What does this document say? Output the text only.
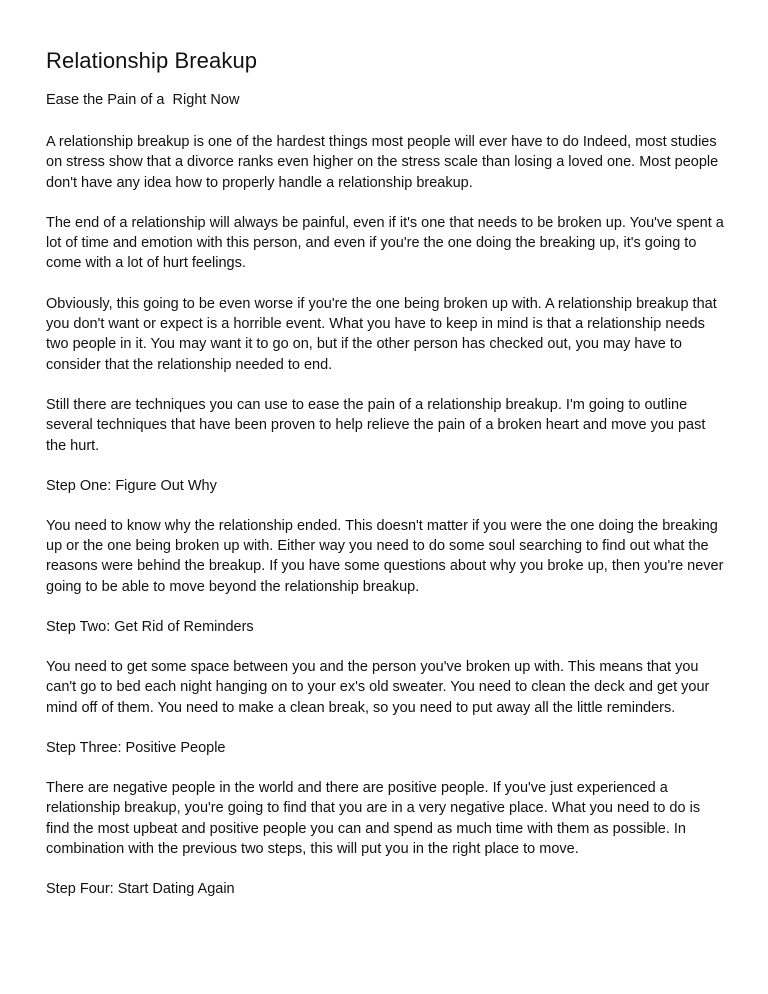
Relationship Breakup
Ease the Pain of a  Right Now

A relationship breakup is one of the hardest things most people will ever have to do Indeed, most studies on stress show that a divorce ranks even higher on the stress scale than losing a loved one. Most people don't have any idea how to properly handle a relationship breakup.

The end of a relationship will always be painful, even if it's one that needs to be broken up. You've spent a lot of time and emotion with this person, and even if you're the one doing the breaking up, it's going to come with a lot of hurt feelings.

Obviously, this going to be even worse if you're the one being broken up with. A relationship breakup that you don't want or expect is a horrible event. What you have to keep in mind is that a relationship needs two people in it. You may want it to go on, but if the other person has checked out, you may have to consider that the relationship needed to end.

Still there are techniques you can use to ease the pain of a relationship breakup. I'm going to outline several techniques that have been proven to help relieve the pain of a broken heart and move you past the hurt.

Step One: Figure Out Why

You need to know why the relationship ended. This doesn't matter if you were the one doing the breaking up or the one being broken up with. Either way you need to do some soul searching to find out what the reasons were behind the breakup. If you have some questions about why you broke up, then you're never going to be able to move beyond the relationship breakup.

Step Two: Get Rid of Reminders

You need to get some space between you and the person you've broken up with. This means that you can't go to bed each night hanging on to your ex's old sweater. You need to clean the deck and get your mind off of them. You need to make a clean break, so you need to put away all the little reminders.

Step Three: Positive People

There are negative people in the world and there are positive people. If you've just experienced a relationship breakup, you're going to find that you are in a very negative place. What you need to do is find the most upbeat and positive people you can and spend as much time with them as possible. In combination with the previous two steps, this will put you in the right place to move.

Step Four: Start Dating Again
